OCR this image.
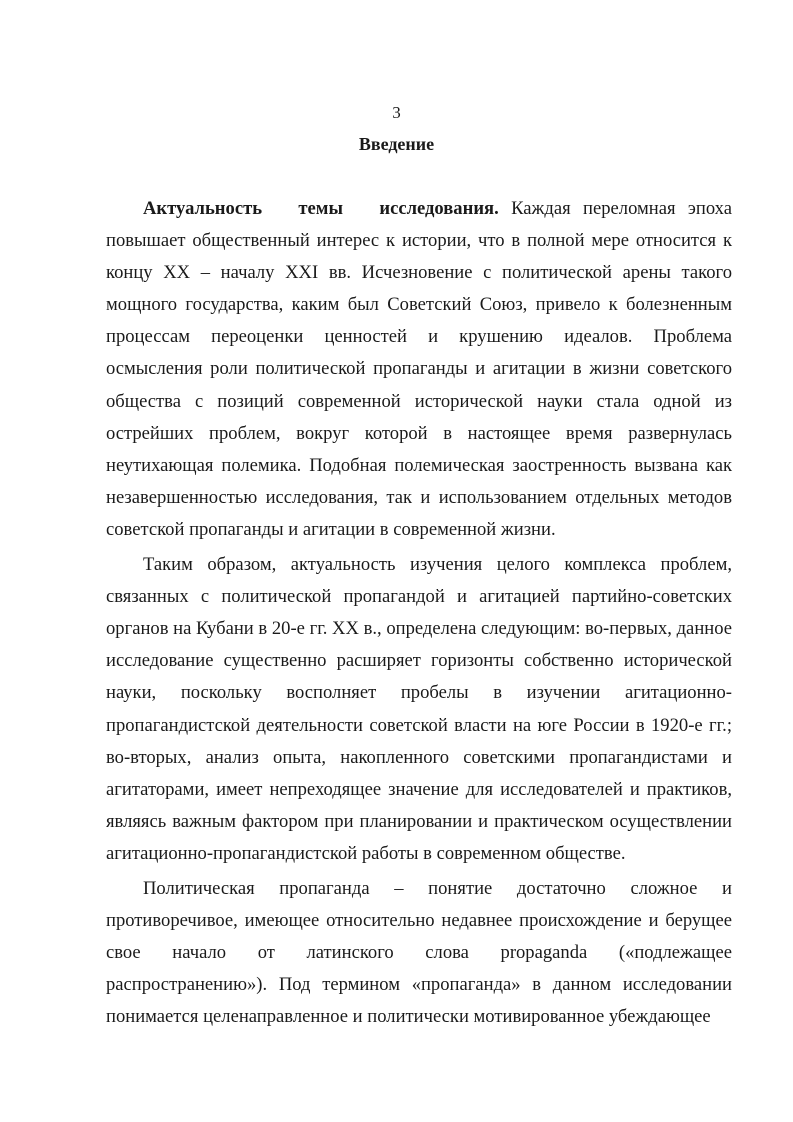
3
Введение

Актуальность темы исследования. Каждая переломная эпоха повышает общественный интерес к истории, что в полной мере относится к концу XX – началу XXI вв. Исчезновение с политической арены такого мощного государства, каким был Советский Союз, привело к болезненным процессам переоценки ценностей и крушению идеалов. Проблема осмысления роли политической пропаганды и агитации в жизни советского общества с позиций современной исторической науки стала одной из острейших проблем, вокруг которой в настоящее время развернулась неутихающая полемика. Подобная полемическая заостренность вызвана как незавершенностью исследования, так и использованием отдельных методов советской пропаганды и агитации в современной жизни.

Таким образом, актуальность изучения целого комплекса проблем, связанных с политической пропагандой и агитацией партийно-советских органов на Кубани в 20-е гг. XX в., определена следующим: во-первых, данное исследование существенно расширяет горизонты собственно исторической науки, поскольку восполняет пробелы в изучении агитационно-пропагандистской деятельности советской власти на юге России в 1920-е гг.; во-вторых, анализ опыта, накопленного советскими пропагандистами и агитаторами, имеет непреходящее значение для исследователей и практиков, являясь важным фактором при планировании и практическом осуществлении агитационно-пропагандистской работы в современном обществе.

Политическая пропаганда – понятие достаточно сложное и противоречивое, имеющее относительно недавнее происхождение и берущее свое начало от латинского слова propaganda («подлежащее распространению»). Под термином «пропаганда» в данном исследовании понимается целенаправленное и политически мотивированное убеждающее
